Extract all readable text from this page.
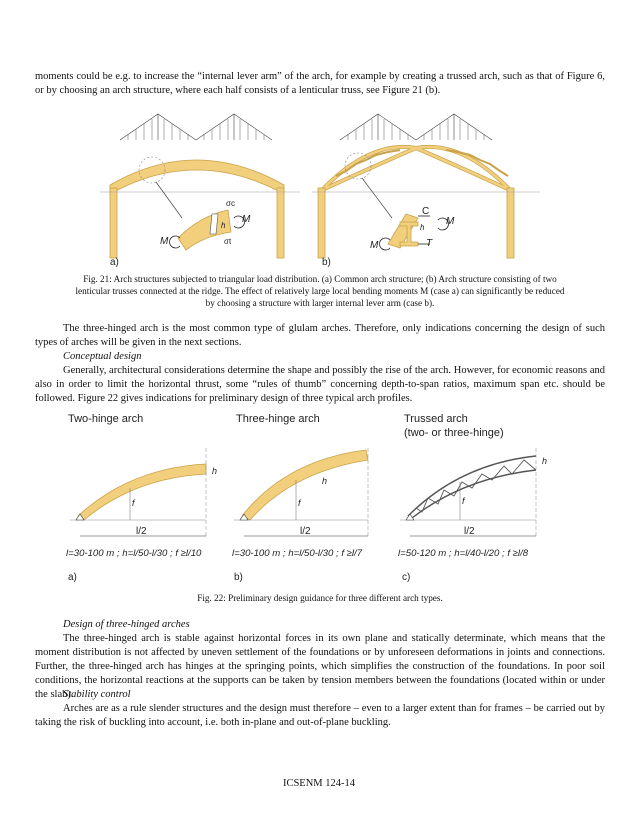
moments could be e.g. to increase the “internal lever arm” of the arch, for example by creating a trussed arch, such as that of Figure 6, or by choosing an arch structure, where each half consists of a lenticular truss, see Figure 21 (b).

h
σc
σt
M
M
a)
C
T
h
M
M
b)
Fig. 21: Arch structures subjected to triangular load distribution. (a) Common arch structure; (b) Arch structure consisting of two
lenticular trusses connected at the ridge. The effect of relatively large local bending moments M (case a) can significantly be reduced
by choosing a structure with larger internal lever arm (case b).

The three-hinged arch is the most common type of glulam arches. Therefore, only indications concerning the design of such types of arches will be given in the next sections.

Conceptual design

Generally, architectural considerations determine the shape and possibly the rise of the arch. However, for economic reasons and also in order to limit the horizontal thrust, some “rules of thumb” concerning depth-to-span ratios, maximum span etc. should be followed. Figure 22 gives indications for preliminary design of three typical arch profiles.

Two-hinge arch	Three-hinge arch	Trussed arch
(two- or three-hinge)
h
f
l/2
h
f
l/2
h
f
l/2
l=30-100 m ; h=l/50-l/30 ; f ≥l/10	l=30-100 m ; h=l/50-l/30 ; f ≥l/7	l=50-120 m ; h=l/40-l/20 ; f ≥l/8
a)	b)	c)
Fig. 22: Preliminary design guidance for three different arch types.

Design of three-hinged arches

The three-hinged arch is stable against horizontal forces in its own plane and statically determinate, which means that the moment distribution is not affected by uneven settlement of the foundations or by unforeseen deformations in joints and connections. Further, the three-hinged arch has hinges at the springing points, which simplifies the construction of the foundations. In poor soil conditions, the horizontal reactions at the supports can be taken by tension members between the foundations (located within or under the slab).

Stability control

Arches are as a rule slender structures and the design must therefore – even to a larger extent than for frames – be carried out by taking the risk of buckling into account, i.e. both in-plane and out-of-plane buckling.

ICSENM 124-14
